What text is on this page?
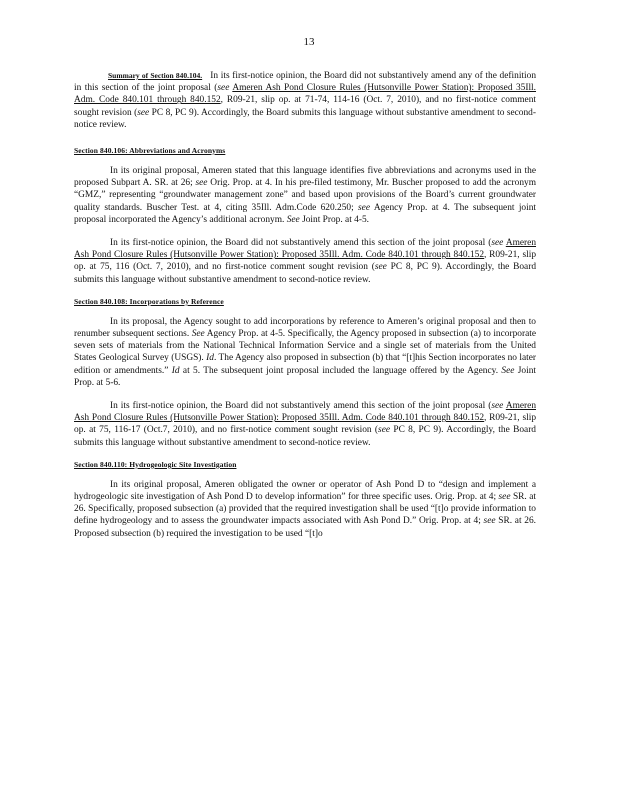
13

Summary of Section 840.104. In its first-notice opinion, the Board did not substantively amend any of the definition in this section of the joint proposal (see Ameren Ash Pond Closure Rules (Hutsonville Power Station): Proposed 35Ill. Adm. Code 840.101 through 840.152, R09-21, slip op. at 71-74, 114-16 (Oct. 7, 2010), and no first-notice comment sought revision (see PC 8, PC 9). Accordingly, the Board submits this language without substantive amendment to second-notice review.

Section 840.106: Abbreviations and Acronyms

In its original proposal, Ameren stated that this language identifies five abbreviations and acronyms used in the proposed Subpart A. SR. at 26; see Orig. Prop. at 4. In his pre-filed testimony, Mr. Buscher proposed to add the acronym “GMZ,” representing “groundwater management zone” and based upon provisions of the Board’s current groundwater quality standards. Buscher Test. at 4, citing 35Ill. Adm.Code 620.250; see Agency Prop. at 4. The subsequent joint proposal incorporated the Agency’s additional acronym. See Joint Prop. at 4-5.

In its first-notice opinion, the Board did not substantively amend this section of the joint proposal (see Ameren Ash Pond Closure Rules (Hutsonville Power Station): Proposed 35Ill. Adm. Code 840.101 through 840.152, R09-21, slip op. at 75, 116 (Oct. 7, 2010), and no first-notice comment sought revision (see PC 8, PC 9). Accordingly, the Board submits this language without substantive amendment to second-notice review.

Section 840.108: Incorporations by Reference

In its proposal, the Agency sought to add incorporations by reference to Ameren’s original proposal and then to renumber subsequent sections. See Agency Prop. at 4-5. Specifically, the Agency proposed in subsection (a) to incorporate seven sets of materials from the National Technical Information Service and a single set of materials from the United States Geological Survey (USGS). Id. The Agency also proposed in subsection (b) that “[t]his Section incorporates no later edition or amendments.” Id at 5. The subsequent joint proposal included the language offered by the Agency. See Joint Prop. at 5-6.

In its first-notice opinion, the Board did not substantively amend this section of the joint proposal (see Ameren Ash Pond Closure Rules (Hutsonville Power Station): Proposed 35Ill. Adm. Code 840.101 through 840.152, R09-21, slip op. at 75, 116-17 (Oct.7, 2010), and no first-notice comment sought revision (see PC 8, PC 9). Accordingly, the Board submits this language without substantive amendment to second-notice review.

Section 840.110: Hydrogeologic Site Investigation

In its original proposal, Ameren obligated the owner or operator of Ash Pond D to “design and implement a hydrogeologic site investigation of Ash Pond D to develop information” for three specific uses. Orig. Prop. at 4; see SR. at 26. Specifically, proposed subsection (a) provided that the required investigation shall be used “[t]o provide information to define hydrogeology and to assess the groundwater impacts associated with Ash Pond D.” Orig. Prop. at 4; see SR. at 26. Proposed subsection (b) required the investigation to be used “[t]o
